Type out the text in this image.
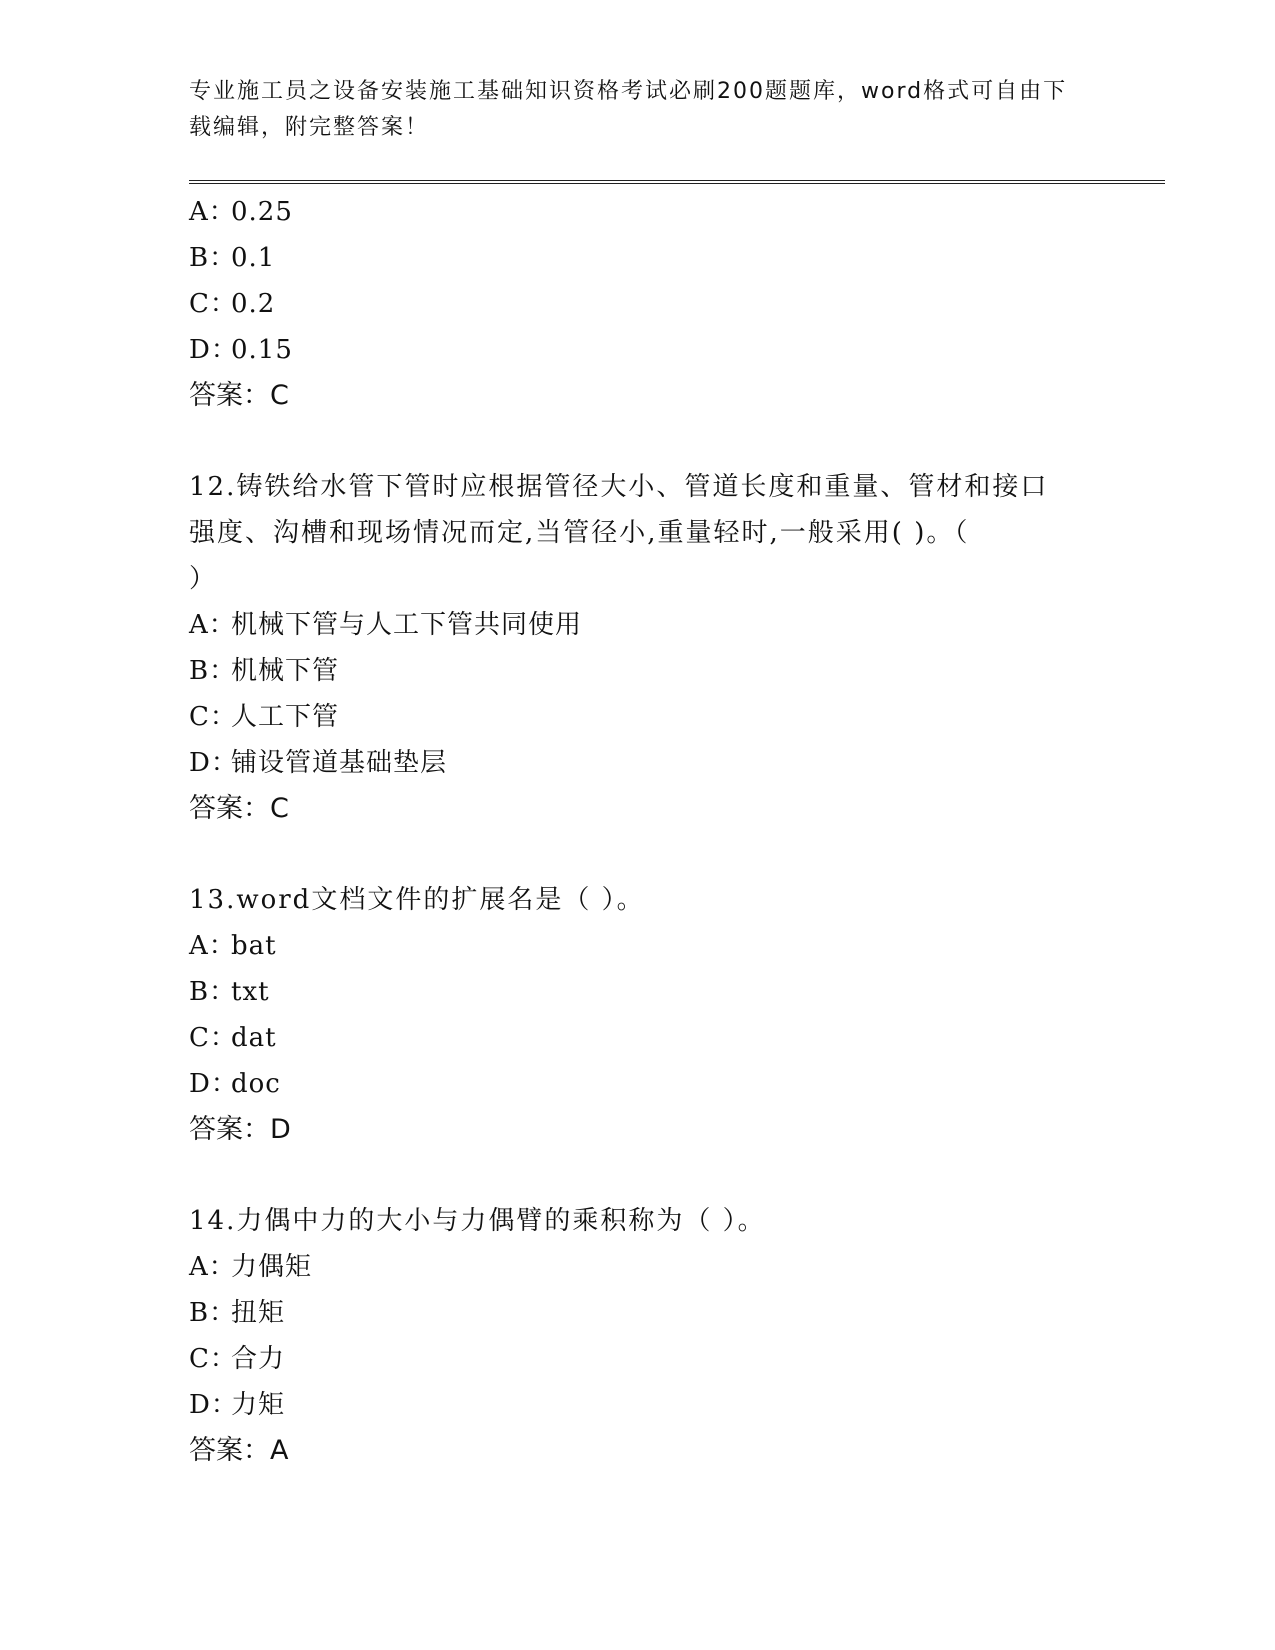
专业施工员之设备安装施工基础知识资格考试必刷200题题库，word格式可自由下载编辑，附完整答案！
A：0.25
B：0.1
C：0.2
D：0.15
答案：C
12.铸铁给水管下管时应根据管径大小、管道长度和重量、管材和接口
强度、沟槽和现场情况而定,当管径小,重量轻时,一般采用( )。（
）
A：机械下管与人工下管共同使用
B：机械下管
C：人工下管
D：铺设管道基础垫层
答案：C
13.word文档文件的扩展名是（ ）。
A：bat
B：txt
C：dat
D：doc
答案：D
14.力偶中力的大小与力偶臂的乘积称为（ ）。
A：力偶矩
B：扭矩
C：合力
D：力矩
答案：A
